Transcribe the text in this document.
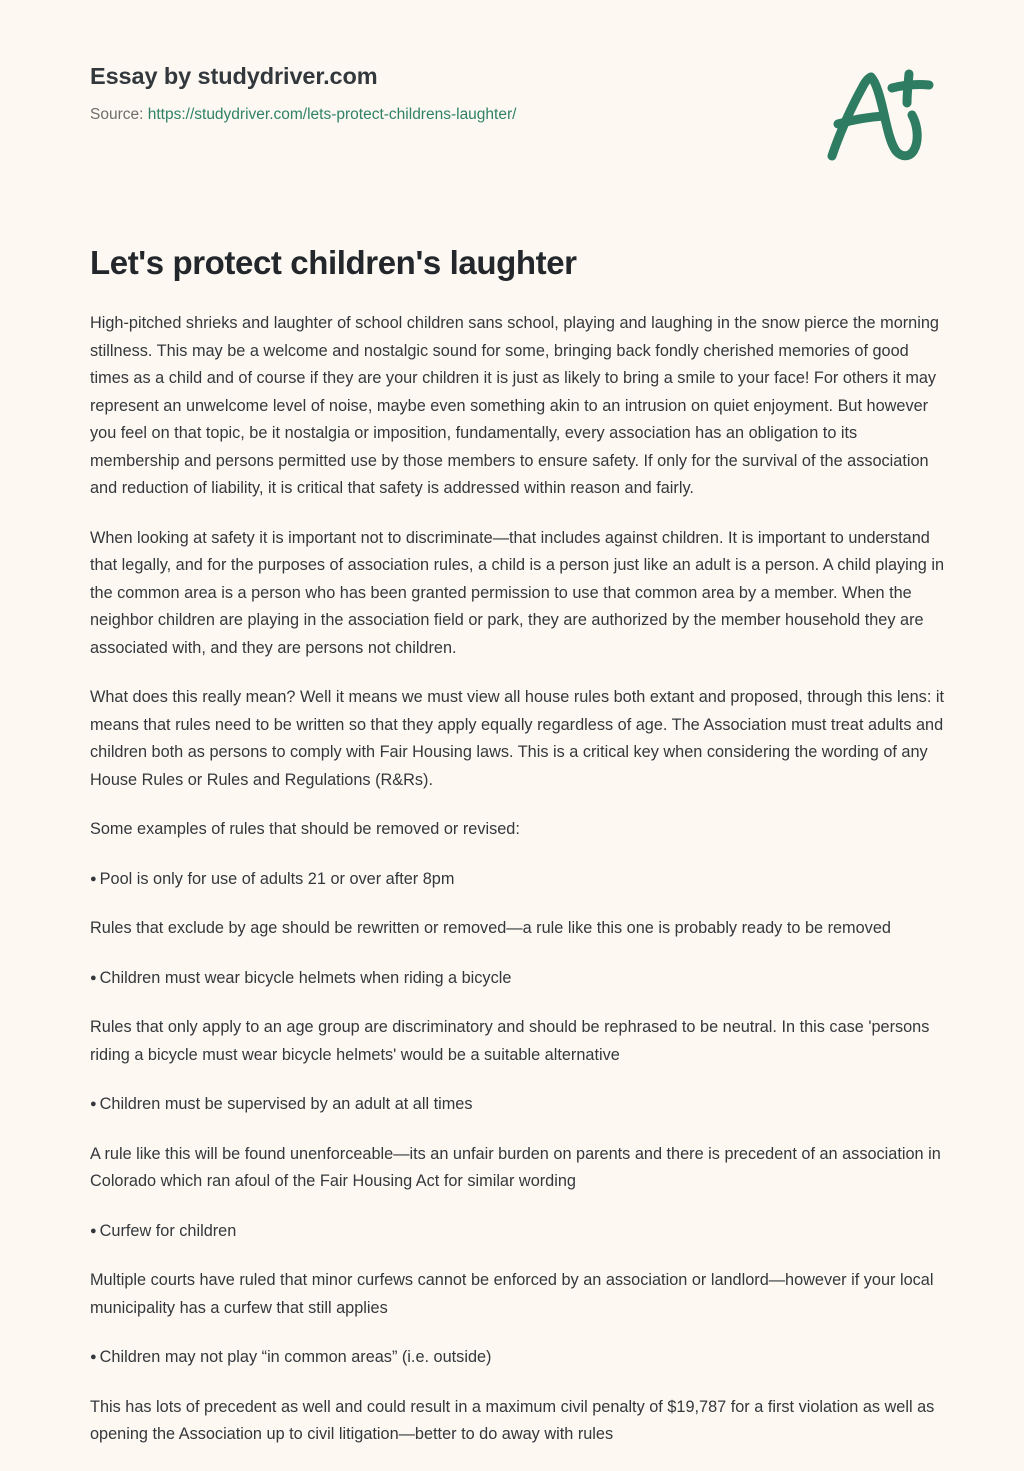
Essay by studydriver.com
Source: https://studydriver.com/lets-protect-childrens-laughter/
Let's protect children's laughter

High-pitched shrieks and laughter of school children sans school, playing and laughing in the snow pierce the morning stillness. This may be a welcome and nostalgic sound for some, bringing back fondly cherished memories of good times as a child and of course if they are your children it is just as likely to bring a smile to your face! For others it may represent an unwelcome level of noise, maybe even something akin to an intrusion on quiet enjoyment. But however you feel on that topic, be it nostalgia or imposition, fundamentally, every association has an obligation to its membership and persons permitted use by those members to ensure safety. If only for the survival of the association and reduction of liability, it is critical that safety is addressed within reason and fairly.

When looking at safety it is important not to discriminate—that includes against children. It is important to understand that legally, and for the purposes of association rules, a child is a person just like an adult is a person. A child playing in the common area is a person who has been granted permission to use that common area by a member. When the neighbor children are playing in the association field or park, they are authorized by the member household they are associated with, and they are persons not children.

What does this really mean? Well it means we must view all house rules both extant and proposed, through this lens: it means that rules need to be written so that they apply equally regardless of age. The Association must treat adults and children both as persons to comply with Fair Housing laws. This is a critical key when considering the wording of any House Rules or Rules and Regulations (R&Rs).

Some examples of rules that should be removed or revised:

● Pool is only for use of adults 21 or over after 8pm

Rules that exclude by age should be rewritten or removed—a rule like this one is probably ready to be removed

● Children must wear bicycle helmets when riding a bicycle

Rules that only apply to an age group are discriminatory and should be rephrased to be neutral. In this case 'persons riding a bicycle must wear bicycle helmets' would be a suitable alternative

● Children must be supervised by an adult at all times

A rule like this will be found unenforceable—its an unfair burden on parents and there is precedent of an association in Colorado which ran afoul of the Fair Housing Act for similar wording

● Curfew for children

Multiple courts have ruled that minor curfews cannot be enforced by an association or landlord—however if your local municipality has a curfew that still applies

● Children may not play “in common areas” (i.e. outside)

This has lots of precedent as well and could result in a maximum civil penalty of $19,787 for a first violation as well as opening the Association up to civil litigation—better to do away with rules
